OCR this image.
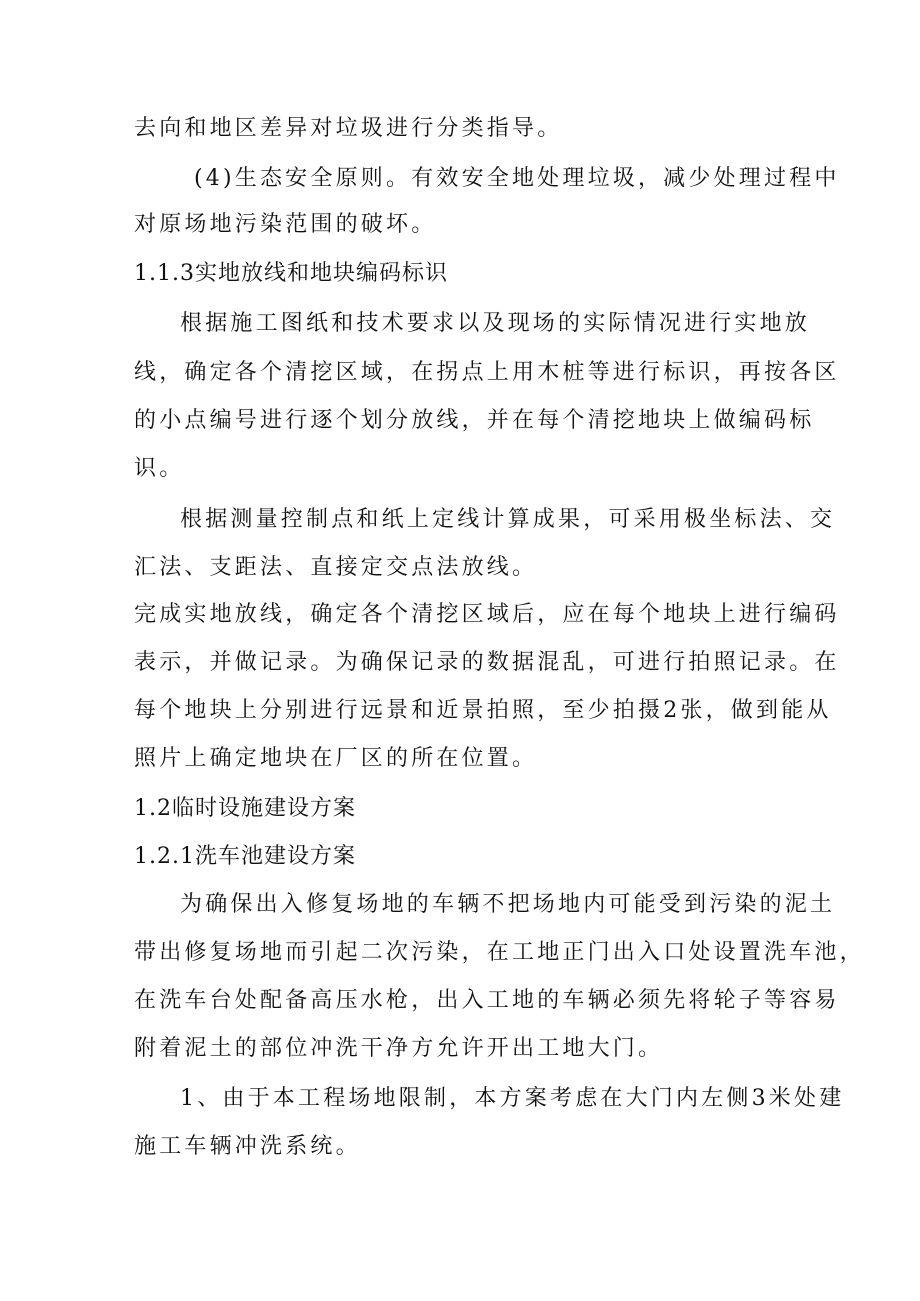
去向和地区差异对垃圾进行分类指导。
(4)生态安全原则。有效安全地处理垃圾，减少处理过程中
对原场地污染范围的破坏。
1.1.3实地放线和地块编码标识
根据施工图纸和技术要求以及现场的实际情况进行实地放
线，确定各个清挖区域，在拐点上用木桩等进行标识，再按各区
的小点编号进行逐个划分放线，并在每个清挖地块上做编码标
识。
根据测量控制点和纸上定线计算成果，可采用极坐标法、交
汇法、支距法、直接定交点法放线。
完成实地放线，确定各个清挖区域后，应在每个地块上进行编码
表示，并做记录。为确保记录的数据混乱，可进行拍照记录。在
每个地块上分别进行远景和近景拍照，至少拍摄2张，做到能从
照片上确定地块在厂区的所在位置。
1.2临时设施建设方案
1.2.1洗车池建设方案
为确保出入修复场地的车辆不把场地内可能受到污染的泥土
带出修复场地而引起二次污染，在工地正门出入口处设置洗车池，
在洗车台处配备高压水枪，出入工地的车辆必须先将轮子等容易
附着泥土的部位冲洗干净方允许开出工地大门。
1、由于本工程场地限制，本方案考虑在大门内左侧3米处建
施工车辆冲洗系统。
